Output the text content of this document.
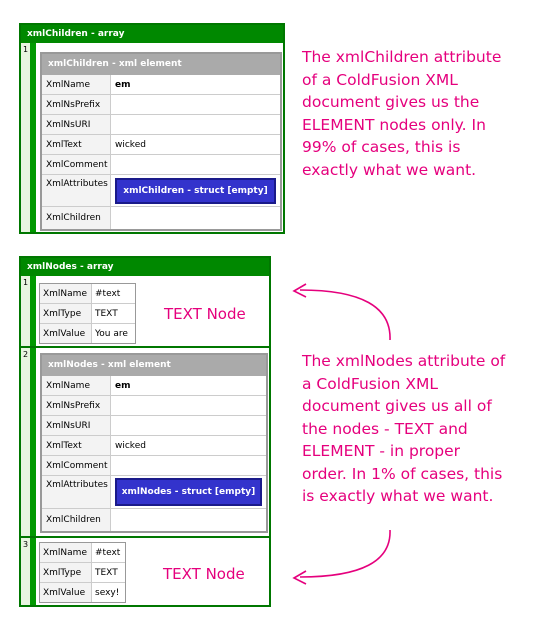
xmlChildren - array
1
xmlChildren - xml element
XmlName	em
XmlNsPrefix
XmlNsURI
XmlText	wicked
XmlComment
XmlAttributes
xmlChildren - struct [empty]
XmlChildren
The xmlChildren attribute
of a ColdFusion XML
document gives us the
ELEMENT nodes only. In
99% of cases, this is
exactly what we want.
xmlNodes - array
1
XmlName #text
XmlType	TEXT
XmlValue	You are
TEXT Node
2
xmlNodes - xml element
XmlName	em
XmlNsPrefix
XmlNsURI
XmlText	wicked
XmlComment
XmlAttributes
xmlNodes - struct [empty]
XmlChildren
3
XmlName #text
XmlType	TEXT
XmlValue	sexy!
TEXT Node
The xmlNodes attribute of
a ColdFusion XML
document gives us all of
the nodes - TEXT and
ELEMENT - in proper
order. In 1% of cases, this
is exactly what we want.
